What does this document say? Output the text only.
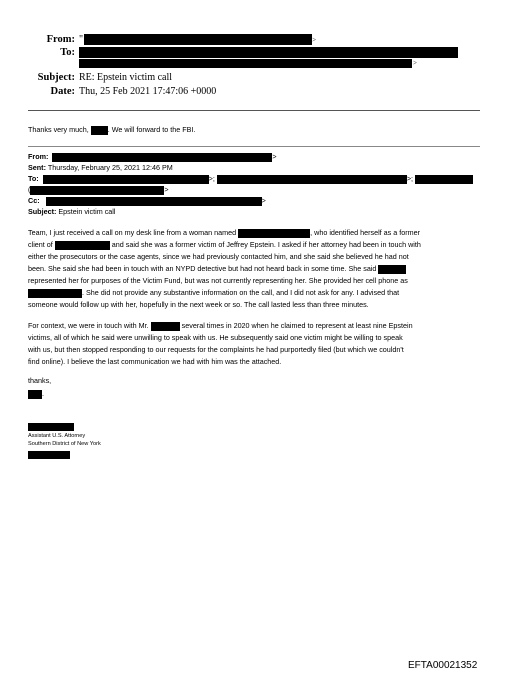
From: "	>
To:
>
Subject: RE: Epstein victim call
Date: Thu, 25 Feb 2021 17:47:06 +0000
Thanks very much,	. We will forward to the FBI.
From:	>
Sent: Thursday, February 25, 2021 12:46 PM
To:	>;	>;
(	>
Cc:	>
Subject: Epstein victim call
Team, I just received a call on my desk line from a woman named	, who identified herself as a former
client of	and said she was a former victim of Jeffrey Epstein. I asked if her attorney had been in touch with
either the prosecutors or the case agents, since we had previously contacted him, and she said she believed he had not
been. She said she had been in touch with an NYPD detective but had not heard back in some time. She said
represented her for purposes of the Victim Fund, but was not currently representing her. She provided her cell phone as
. She did not provide any substantive information on the call, and I did not ask for any. I advised that
someone would follow up with her, hopefully in the next week or so. The call lasted less than three minutes.
For context, we were in touch with Mr.	several times in 2020 when he claimed to represent at least nine Epstein
victims, all of which he said were unwilling to speak with us. He subsequently said one victim might be willing to speak
with us, but then stopped responding to our requests for the complaints he had purportedly filed (but which we couldn't
find online). I believe the last communication we had with him was the attached.
thanks,
.
Assistant U.S. Attorney
Southern District of New York
EFTA00021352
